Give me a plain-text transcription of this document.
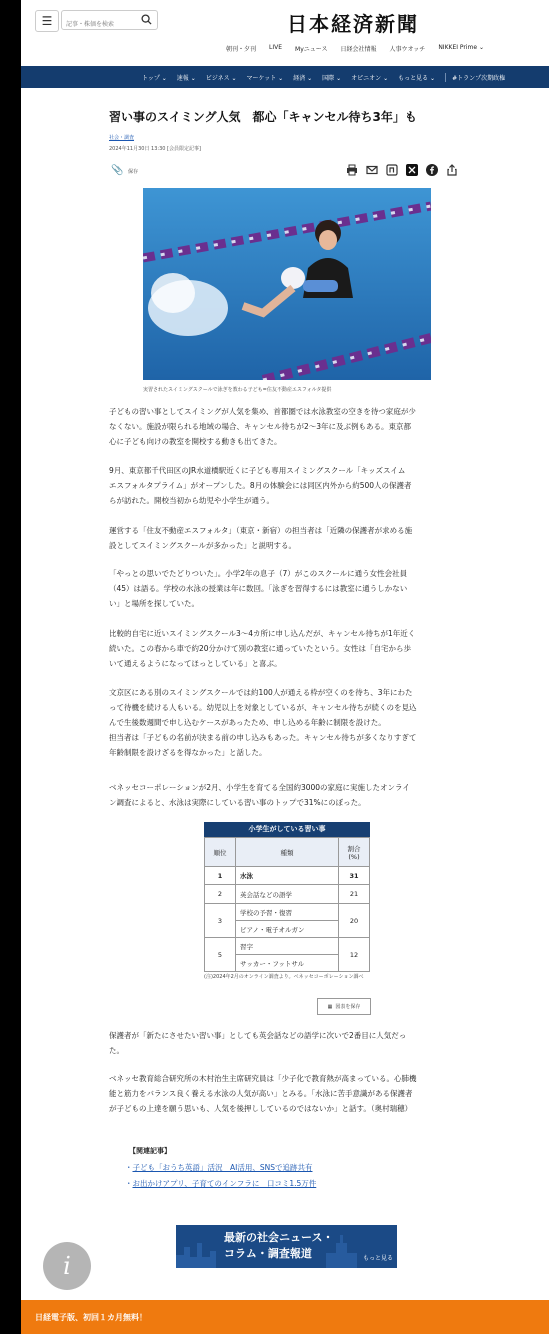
☰
記事・株価を検索	日本経済新聞
朝刊・夕刊 LIVE Myニュース 日経会社情報 人事ウオッチ NIKKEI Prime ⌄
トップ ⌄ 速報 ⌄ ビジネス ⌄ マーケット ⌄ 経済 ⌄ 国際 ⌄ オピニオン ⌄ もっと見る ⌄	#トランプ次期政権
習い事のスイミング人気　都心「キャンセル待ち3年」も
社会・調査
2024年11月30日 13:30 [会員限定記事]
📎 保存
実習されたスイミングスクールで泳ぎを教わる子ども=住友不動産エスフォルタ提供

子どもの習い事としてスイミングが人気を集め、首都圏では水泳教室の空きを待つ家庭が少
なくない。施設が限られる地域の場合、キャンセル待ちが2〜3年に及ぶ例もある。東京都
心に子ども向けの教室を開校する動きも出てきた。

9月、東京都千代田区のJR水道橋駅近くに子ども専用スイミングスクール「キッズスイム
エスフォルタプライム」がオープンした。8月の体験会には同区内外から約500人の保護者
らが訪れた。開校当初から幼児や小学生が通う。

運営する「住友不動産エスフォルタ」（東京・新宿）の担当者は「近隣の保護者が求める施
設としてスイミングスクールが多かった」と説明する。

「やっとの思いでたどりついた」。小学2年の息子（7）がこのスクールに通う女性会社員
（45）は語る。学校の水泳の授業は年に数回。「泳ぎを習得するには教室に通うしかない
い」と場所を探していた。

比較的自宅に近いスイミングスクール3〜4カ所に申し込んだが、キャンセル待ちが1年近く
続いた。この春から車で約20分かけて別の教室に通っていたという。女性は「自宅から歩
いて通えるようになってほっとしている」と喜ぶ。

文京区にある別のスイミングスクールでは約100人が通える枠が空くのを待ち、3年にわた
って待機を続ける人もいる。幼児以上を対象としているが、キャンセル待ちが続くのを見込
んで生後数週間で申し込むケースがあったため、申し込める年齢に制限を設けた。
担当者は「子どもの名前が決まる前の申し込みもあった。キャンセル待ちが多くなりすぎて
年齢制限を設けざるを得なかった」と話した。

ベネッセコーポレーションが2月、小学生を育てる全国約3000の家庭に実施したオンライ
ン調査によると、水泳は実際にしている習い事のトップで31%にのぼった。

小学生がしている習い事
順位	種類	割合
(%)
1	水泳	31
2	英会話などの語学	21
3	学校の予習・復習	20
	ピアノ・電子オルガン	
5	習字	12
	サッカー・フットサル	
(注)2024年2月のオンライン調査より。ベネッセコーポレーション調べ
▦ 図表を保存

保護者が「新たにさせたい習い事」としても英会話などの語学に次いで2番目に人気だっ
た。

ベネッセ教育総合研究所の木村治生主席研究員は「少子化で教育熱が高まっている。心肺機
能と筋力をバランス良く養える水泳の人気が高い」とみる。「水泳に苦手意識がある保護者
が子どもの上達を願う思いも、人気を後押ししているのではないか」と話す。（奥村瑞穂）

【関連記事】
・子ども「おうち英語」活況　AI活用、SNSで追跡共有
・お出かけアプリ、子育てのインフラに　口コミ1.5万件
最新の社会ニュース・
コラム・調査報道	もっと見る
i
日経電子版、初回１カ月無料！
